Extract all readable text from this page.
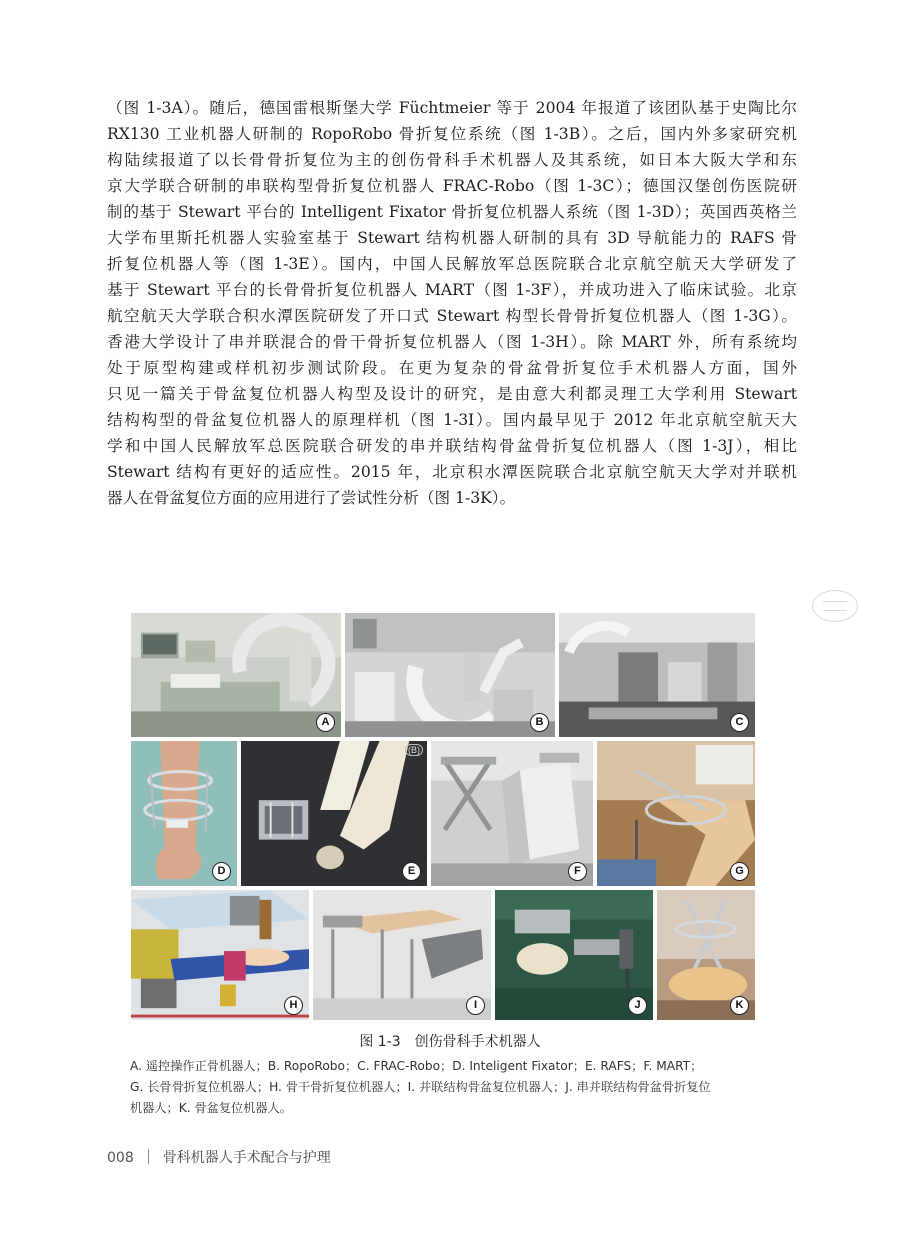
（图 1-3A）。随后，德国雷根斯堡大学 Füchtmeier 等于 2004 年报道了该团队基于史陶比尔
RX130 工业机器人研制的 RopoRobo 骨折复位系统（图 1-3B）。之后，国内外多家研究机
构陆续报道了以长骨骨折复位为主的创伤骨科手术机器人及其系统，如日本大阪大学和东
京大学联合研制的串联构型骨折复位机器人 FRAC-Robo（图 1-3C）；德国汉堡创伤医院研
制的基于 Stewart 平台的 Intelligent Fixator 骨折复位机器人系统（图 1-3D）；英国西英格兰
大学布里斯托机器人实验室基于 Stewart 结构机器人研制的具有 3D 导航能力的 RAFS 骨
折复位机器人等（图 1-3E）。国内，中国人民解放军总医院联合北京航空航天大学研发了
基于 Stewart 平台的长骨骨折复位机器人 MART（图 1-3F），并成功进入了临床试验。北京
航空航天大学联合积水潭医院研发了开口式 Stewart 构型长骨骨折复位机器人（图 1-3G）。
香港大学设计了串并联混合的骨干骨折复位机器人（图 1-3H）。除 MART 外，所有系统均
处于原型构建或样机初步测试阶段。在更为复杂的骨盆骨折复位手术机器人方面，国外
只见一篇关于骨盆复位机器人构型及设计的研究，是由意大利都灵理工大学利用 Stewart
结构构型的骨盆复位机器人的原理样机（图 1-3I）。国内最早见于 2012 年北京航空航天大
学和中国人民解放军总医院联合研发的串并联结构骨盆骨折复位机器人（图 1-3J），相比
Stewart 结构有更好的适应性。2015 年，北京积水潭医院联合北京航空航天大学对并联机
器人在骨盆复位方面的应用进行了尝试性分析（图 1-3K）。
A	B	C
D
(B)
E	F	G
H	I	J	K

图 1-3　创伤骨科手术机器人

A. 遥控操作正骨机器人；B. RopoRobo；C. FRAC-Robo；D. Inteligent Fixator；E. RAFS；F. MART；
G. 长骨骨折复位机器人；H. 骨干骨折复位机器人；I. 并联结构骨盆复位机器人；J. 串并联结构骨盆骨折复位
机器人；K. 骨盆复位机器人。

008 骨科机器人手术配合与护理
